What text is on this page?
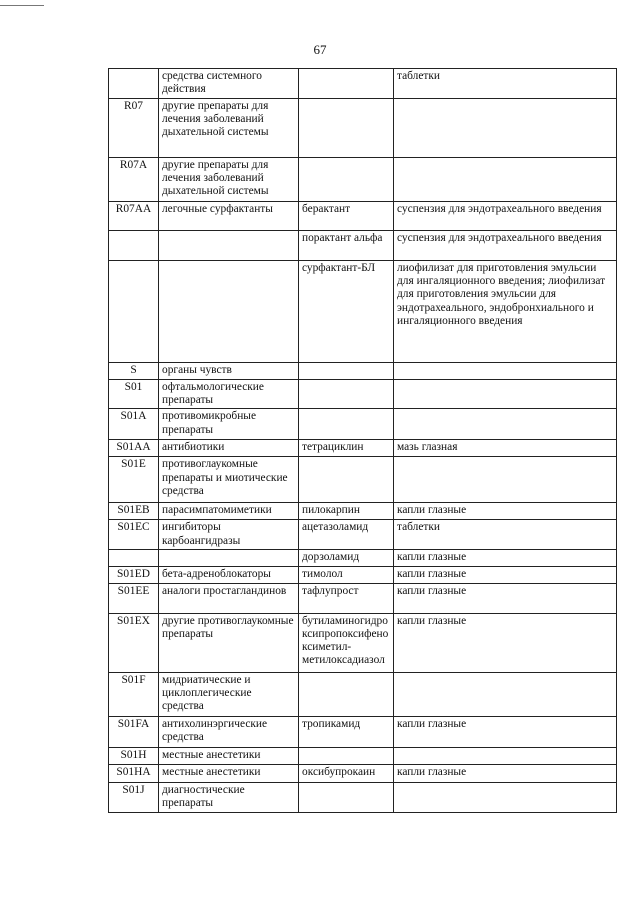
67
	средства системного действия		таблетки
R07	другие препараты для лечения заболеваний дыхательной системы		
R07A	другие препараты для лечения заболеваний дыхательной системы		
R07AA	легочные сурфактанты	берактант	суспензия для эндотрахеального введения
		порактант альфа	суспензия для эндотрахеального введения
		сурфактант-БЛ	лиофилизат для приготовления эмульсии для ингаляционного введения; лиофилизат для приготовления эмульсии для эндотрахеального, эндобронхиального и ингаляционного введения
S	органы чувств		
S01	офтальмологические препараты		
S01A	противомикробные препараты		
S01AA	антибиотики	тетрациклин	мазь глазная
S01E	противоглаукомные препараты и миотические средства		
S01EB	парасимпатомиметики	пилокарпин	капли глазные
S01EC	ингибиторы карбоангидразы	ацетазоламид	таблетки
		дорзоламид	капли глазные
S01ED	бета-адреноблокаторы	тимолол	капли глазные
S01EE	аналоги простагландинов	тафлупрост	капли глазные
S01EX	другие противоглаукомные препараты	бутиламиногидроксипропоксифеноксиметил-метилоксадиазол	капли глазные
S01F	мидриатические и циклоплегические средства		
S01FA	антихолинэргические средства	тропикамид	капли глазные
S01H	местные анестетики		
S01HA	местные анестетики	оксибупрокаин	капли глазные
S01J	диагностические препараты		
